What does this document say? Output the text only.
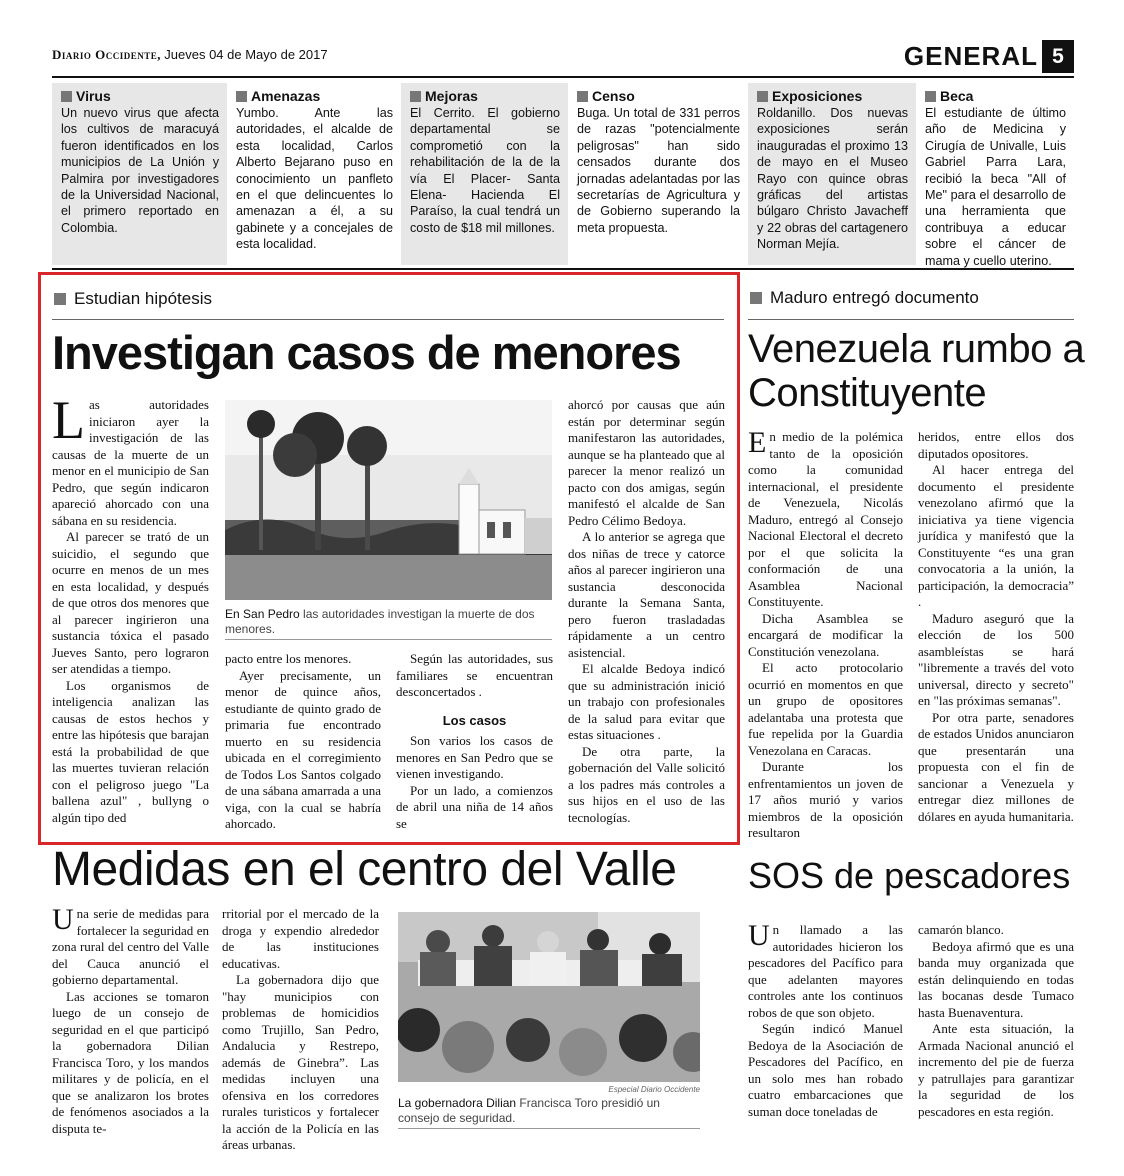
Diario Occidente, Jueves 04 de Mayo de 2017	GENERAL 5
Virus

Un nuevo virus que afecta los cultivos de maracuyá fueron identificados en los municipios de La Unión y Palmira por investigadores de la Universidad Nacional, el primero reportado en Colombia.

Amenazas

Yumbo. Ante las autoridades, el alcalde de esta localidad, Carlos Alberto Bejarano puso en conocimiento un panfleto en el que delincuentes lo amenazan a él, a su gabinete y a concejales de esta localidad.

Mejoras

El Cerrito. El gobierno departamental se comprometió con la rehabilitación de la de la vía El Placer- Santa Elena- Hacienda El Paraíso, la cual tendrá un costo de $18 mil millones.

Censo

Buga. Un total de 331 perros de razas "potencialmente peligrosas" han sido censados durante dos jornadas adelantadas por las secretarías de Agricultura y de Gobierno superando la meta propuesta.

Exposiciones

Roldanillo. Dos nuevas exposiciones serán inauguradas el proximo 13 de mayo en el Museo Rayo con quince obras gráficas del artistas búlgaro Christo Javacheff y 22 obras del cartagenero Norman Mejía.

Beca

El estudiante de último año de Medicina y Cirugía de Univalle, Luis Gabriel Parra Lara, recibió la beca "All of Me" para el desarrollo de una herramienta que contribuya a educar sobre el cáncer de mama y cuello uterino.

Estudian hipótesis
Investigan casos de menores

Las autoridades iniciaron ayer la investigación de las causas de la muerte de un menor en el municipio de San Pedro, que según indicaron apareció ahorcado con una sábana en su residencia.

Al parecer se trató de un suicidio, el segundo que ocurre en menos de un mes en esta localidad, y después de que otros dos menores que al parecer ingirieron una sustancia tóxica el pasado Jueves Santo, pero lograron ser atendidas a tiempo.

Los organismos de inteligencia analizan las causas de estos hechos y entre las hipótesis que barajan está la probabilidad de que las muertes tuvieran relación con el peligroso juego "La ballena azul" , bullyng o algún tipo ded

En San Pedro las autoridades investigan la muerte de dos menores.

pacto entre los menores.

Ayer precisamente, un menor de quince años, estudiante de quinto grado de primaria fue encontrado muerto en su residencia ubicada en el corregimiento de Todos Los Santos colgado de una sábana amarrada a una viga, con la cual se habría ahorcado.

Según las autoridades, sus familiares se encuentran desconcertados .

Los casos

Son varios los casos de menores en San Pedro que se vienen investigando.

Por un lado, a comienzos de abril una niña de 14 años se

ahorcó por causas que aún están por determinar según manifestaron las autoridades, aunque se ha planteado que al parecer la menor realizó un pacto con dos amigas, según manifestó el alcalde de San Pedro Célimo Bedoya.

A lo anterior se agrega que dos niñas de trece y catorce años al parecer ingirieron una sustancia desconocida durante la Semana Santa, pero fueron trasladadas rápidamente a un centro asistencial.

El alcalde Bedoya indicó que su administración inició un trabajo con profesionales de la salud para evitar que estas situaciones .

De otra parte, la gobernación del Valle solicitó a los padres más controles a sus hijos en el uso de las tecnologías.

Maduro entregó documento
Venezuela rumbo a Constituyente

En medio de la polémica tanto de la oposición como la comunidad internacional, el presidente de Venezuela, Nicolás Maduro, entregó al Consejo Nacional Electoral el decreto por el que solicita la conformación de una Asamblea Nacional Constituyente.

Dicha Asamblea se encargará de modificar la Constitución venezolana.

El acto protocolario ocurrió en momentos en que un grupo de opositores adelantaba una protesta que fue repelida por la Guardia Venezolana en Caracas.

Durante los enfrentamientos un joven de 17 años murió y varios miembros de la oposición resultaron

heridos, entre ellos dos diputados opositores.

Al hacer entrega del documento el presidente venezolano afirmó que la iniciativa ya tiene vigencia jurídica y manifestó que la Constituyente “es una gran convocatoria a la unión, la participación, la democracia” .

Maduro aseguró que la elección de los 500 asambleístas se hará "libremente a través del voto universal, directo y secreto" en "las próximas semanas".

Por otra parte, senadores de estados Unidos anunciaron que presentarán una propuesta con el fin de sancionar a Venezuela y entregar diez millones de dólares en ayuda humanitaria.

Medidas en el centro del Valle

Una serie de medidas para fortalecer la seguridad en zona rural del centro del Valle del Cauca anunció el gobierno departamental.

Las acciones se tomaron luego de un consejo de seguridad en el que participó la gobernadora Dilian Francisca Toro, y los mandos militares y de policía, en el que se analizaron los brotes de fenómenos asociados a la disputa te-

rritorial por el mercado de la droga y expendio alrededor de las instituciones educativas.

La gobernadora dijo que "hay municipios con problemas de homicidios como Trujillo, San Pedro, Andalucia y Restrepo, además de Ginebra”. Las medidas incluyen una ofensiva en los corredores rurales turisticos y fortalecer la acción de la Policía en las áreas urbanas.

Especial Diario Occidente
La gobernadora Dilian Francisca Toro presidió un consejo de seguridad.
SOS de pescadores

Un llamado a las autoridades hicieron los pescadores del Pacífico para que adelanten mayores controles ante los continuos robos de que son objeto.

Según indicó Manuel Bedoya de la Asociación de Pescadores del Pacífico, en un solo mes han robado cuatro embarcaciones que suman doce toneladas de

camarón blanco.

Bedoya afirmó que es una banda muy organizada que están delinquiendo en todas las bocanas desde Tumaco hasta Buenaventura.

Ante esta situación, la Armada Nacional anunció el incremento del pie de fuerza y patrullajes para garantizar la seguridad de los pescadores en esta región.
